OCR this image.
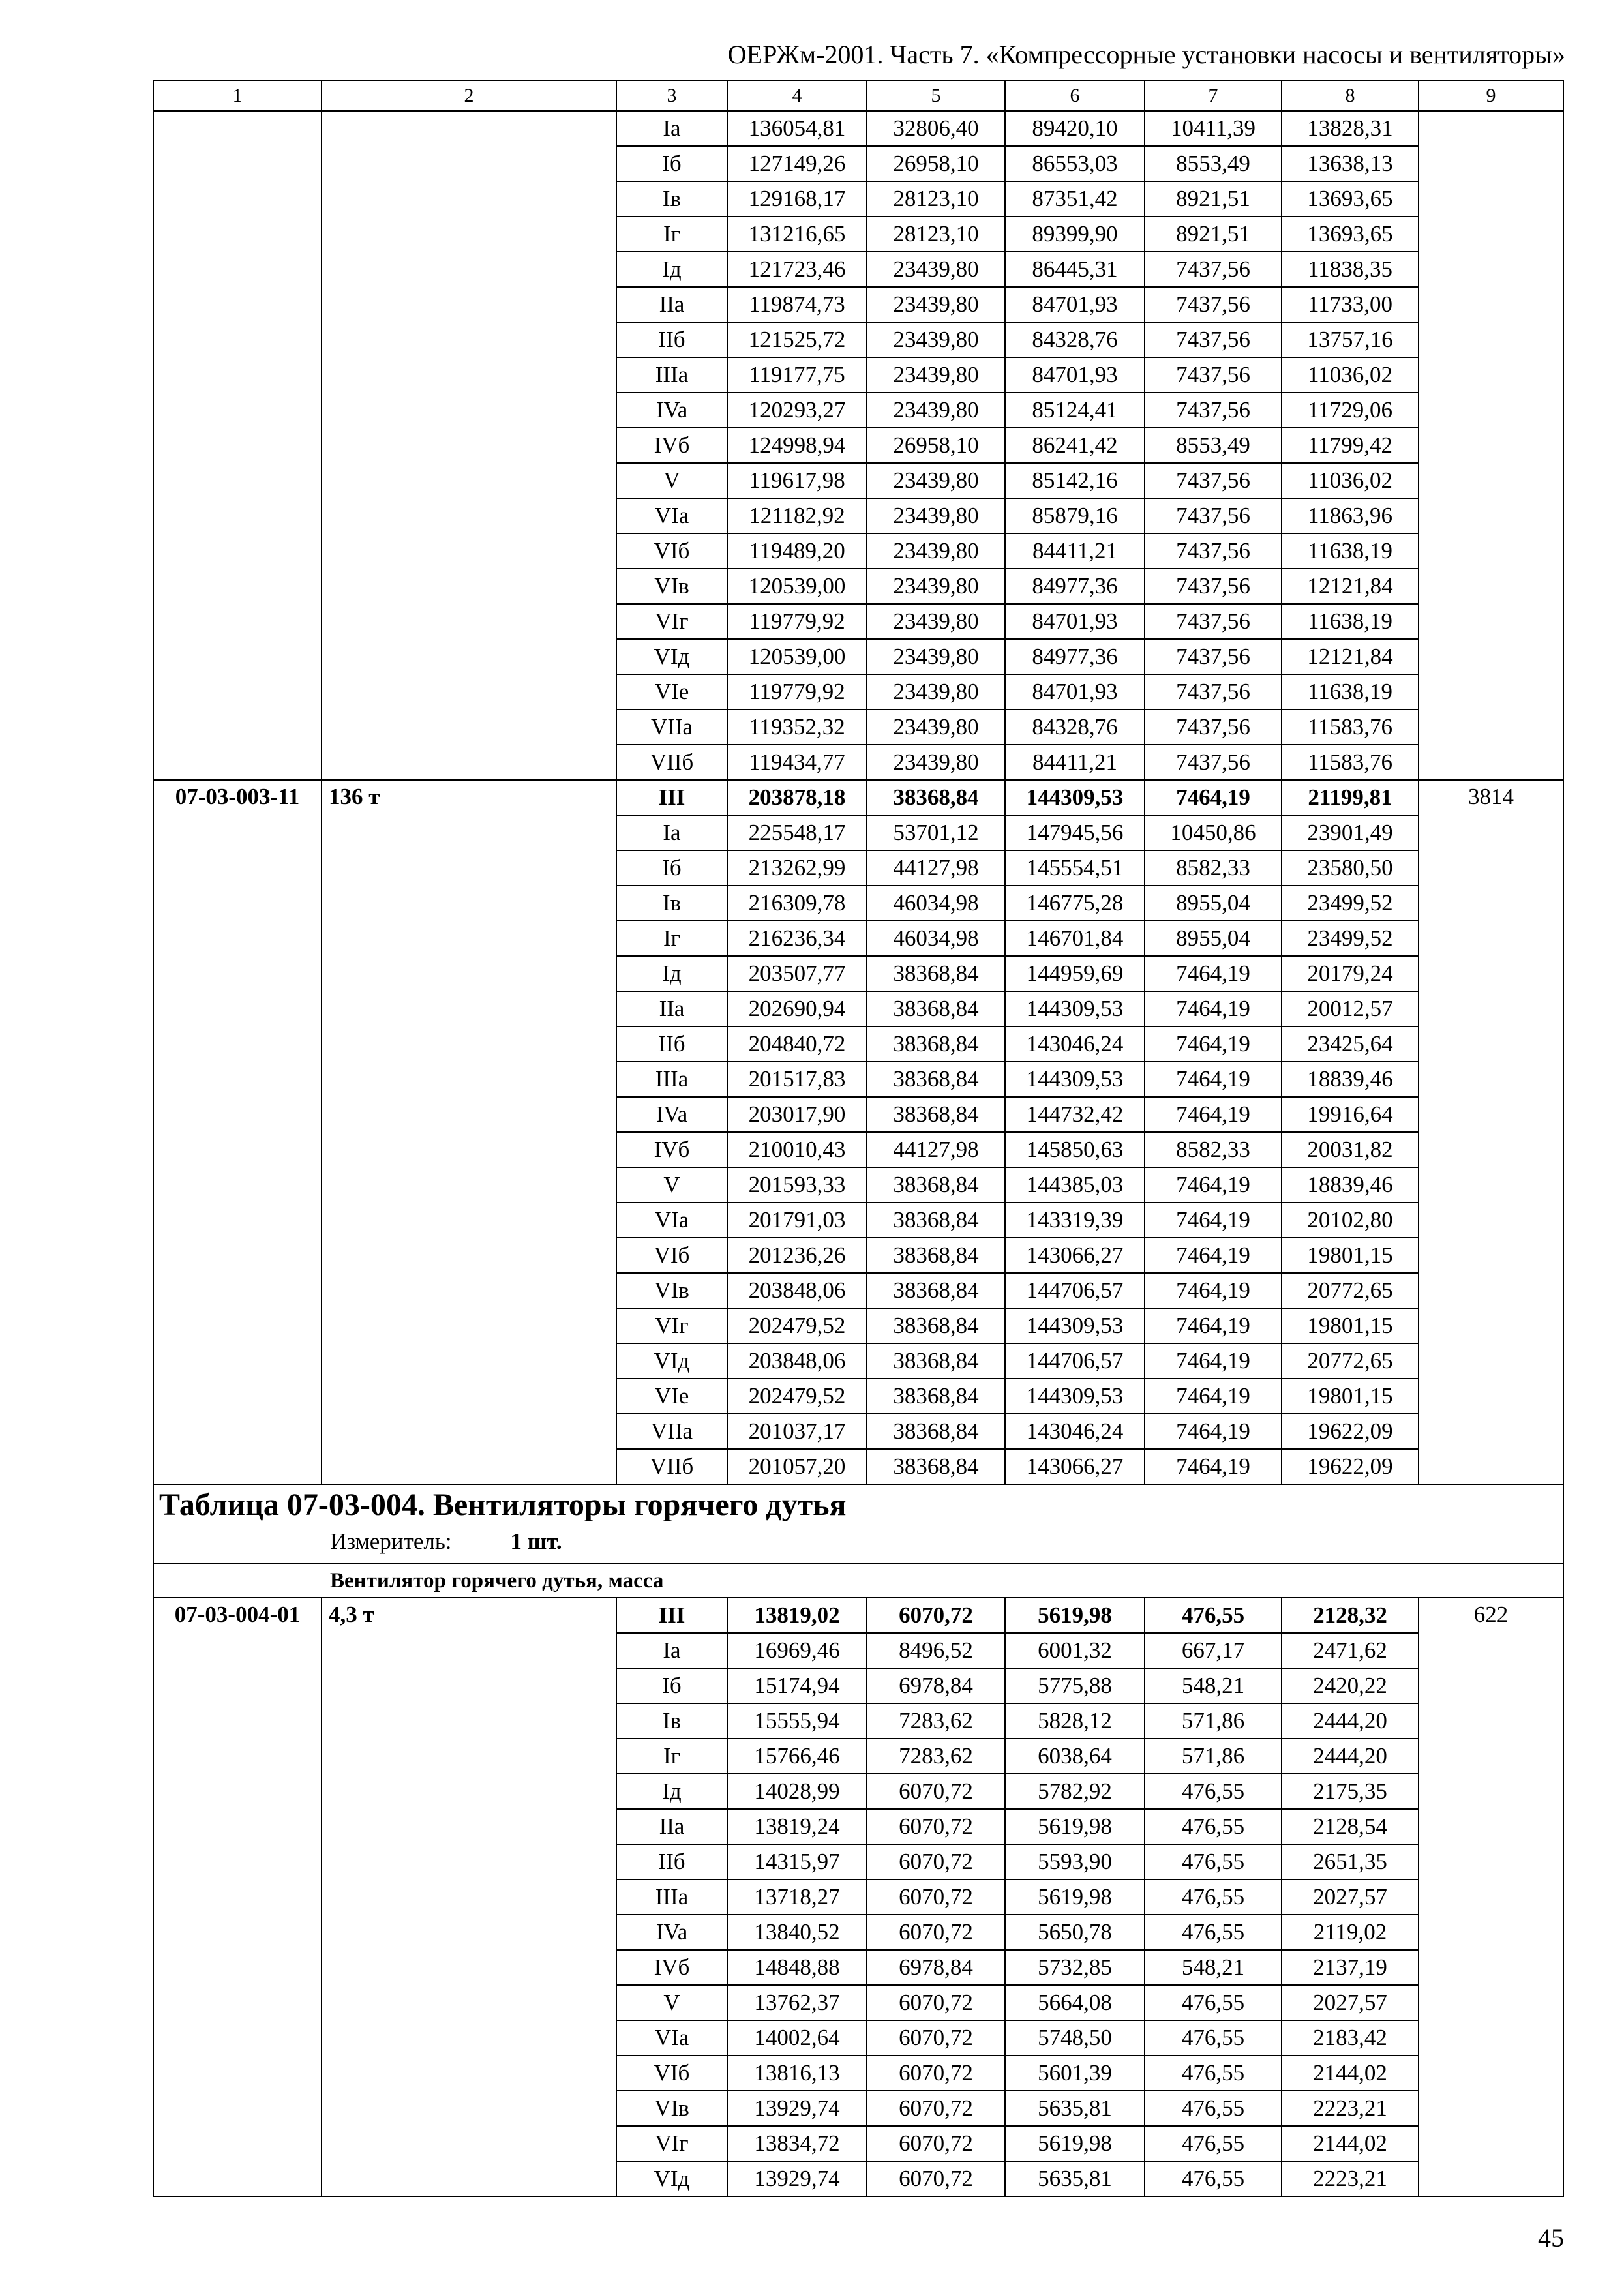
ОЕРЖм-2001. Часть 7. «Компрессорные установки насосы и вентиляторы»
1	2	3	4	5	6	7	8	9
		Ia	136054,81	32806,40	89420,10	10411,39	13828,31	
		Iб	127149,26	26958,10	86553,03	8553,49	13638,13	
		Iв	129168,17	28123,10	87351,42	8921,51	13693,65	
		Iг	131216,65	28123,10	89399,90	8921,51	13693,65	
		Iд	121723,46	23439,80	86445,31	7437,56	11838,35	
		IIa	119874,73	23439,80	84701,93	7437,56	11733,00	
		IIб	121525,72	23439,80	84328,76	7437,56	13757,16	
		IIIa	119177,75	23439,80	84701,93	7437,56	11036,02	
		IVa	120293,27	23439,80	85124,41	7437,56	11729,06	
		IVб	124998,94	26958,10	86241,42	8553,49	11799,42	
		V	119617,98	23439,80	85142,16	7437,56	11036,02	
		VIa	121182,92	23439,80	85879,16	7437,56	11863,96	
		VIб	119489,20	23439,80	84411,21	7437,56	11638,19	
		VIв	120539,00	23439,80	84977,36	7437,56	12121,84	
		VIг	119779,92	23439,80	84701,93	7437,56	11638,19	
		VIд	120539,00	23439,80	84977,36	7437,56	12121,84	
		VIe	119779,92	23439,80	84701,93	7437,56	11638,19	
		VIIa	119352,32	23439,80	84328,76	7437,56	11583,76	
		VIIб	119434,77	23439,80	84411,21	7437,56	11583,76	
07-03-003-11	136 т	III	203878,18	38368,84	144309,53	7464,19	21199,81	3814
		Ia	225548,17	53701,12	147945,56	10450,86	23901,49	
		Iб	213262,99	44127,98	145554,51	8582,33	23580,50	
		Iв	216309,78	46034,98	146775,28	8955,04	23499,52	
		Iг	216236,34	46034,98	146701,84	8955,04	23499,52	
		Iд	203507,77	38368,84	144959,69	7464,19	20179,24	
		IIa	202690,94	38368,84	144309,53	7464,19	20012,57	
		IIб	204840,72	38368,84	143046,24	7464,19	23425,64	
		IIIa	201517,83	38368,84	144309,53	7464,19	18839,46	
		IVa	203017,90	38368,84	144732,42	7464,19	19916,64	
		IVб	210010,43	44127,98	145850,63	8582,33	20031,82	
		V	201593,33	38368,84	144385,03	7464,19	18839,46	
		VIa	201791,03	38368,84	143319,39	7464,19	20102,80	
		VIб	201236,26	38368,84	143066,27	7464,19	19801,15	
		VIв	203848,06	38368,84	144706,57	7464,19	20772,65	
		VIг	202479,52	38368,84	144309,53	7464,19	19801,15	
		VIд	203848,06	38368,84	144706,57	7464,19	20772,65	
		VIe	202479,52	38368,84	144309,53	7464,19	19801,15	
		VIIa	201037,17	38368,84	143046,24	7464,19	19622,09	
		VIIб	201057,20	38368,84	143066,27	7464,19	19622,09	

Таблица 07-03-004. Вентиляторы горячего дутья
Измеритель: 1 шт.								

Вентилятор горячего дутья, масса								
07-03-004-01	4,3 т	III	13819,02	6070,72	5619,98	476,55	2128,32	622
		Ia	16969,46	8496,52	6001,32	667,17	2471,62	
		Iб	15174,94	6978,84	5775,88	548,21	2420,22	
		Iв	15555,94	7283,62	5828,12	571,86	2444,20	
		Iг	15766,46	7283,62	6038,64	571,86	2444,20	
		Iд	14028,99	6070,72	5782,92	476,55	2175,35	
		IIa	13819,24	6070,72	5619,98	476,55	2128,54	
		IIб	14315,97	6070,72	5593,90	476,55	2651,35	
		IIIa	13718,27	6070,72	5619,98	476,55	2027,57	
		IVa	13840,52	6070,72	5650,78	476,55	2119,02	
		IVб	14848,88	6978,84	5732,85	548,21	2137,19	
		V	13762,37	6070,72	5664,08	476,55	2027,57	
		VIa	14002,64	6070,72	5748,50	476,55	2183,42	
		VIб	13816,13	6070,72	5601,39	476,55	2144,02	
		VIв	13929,74	6070,72	5635,81	476,55	2223,21	
		VIг	13834,72	6070,72	5619,98	476,55	2144,02	
		VIд	13929,74	6070,72	5635,81	476,55	2223,21	
45
